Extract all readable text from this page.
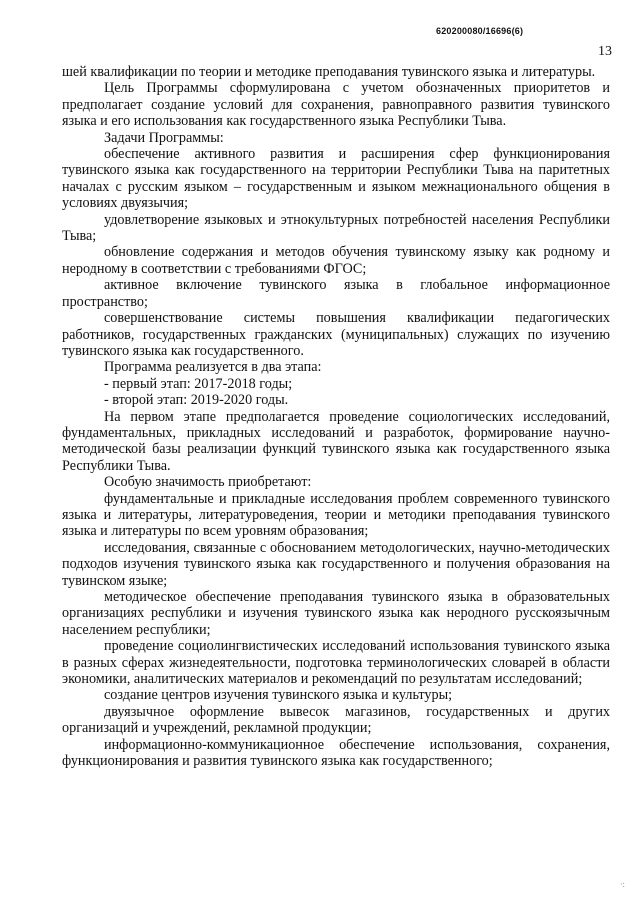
620200080/16696(6)
13

шей квалификации по теории и методике преподавания тувинского языка и литературы.

Цель Программы сформулирована с учетом обозначенных приоритетов и предполагает создание условий для сохранения, равноправного развития тувинского языка и его использования как государственного языка Республики Тыва.

Задачи Программы:

обеспечение активного развития и расширения сфер функционирования тувинского языка как государственного на территории Республики Тыва на паритетных началах с русским языком – государственным и языком межнационального общения в условиях двуязычия;

удовлетворение языковых и этнокультурных потребностей населения Республики Тыва;

обновление содержания и методов обучения тувинскому языку как родному и неродному в соответствии с требованиями ФГОС;

активное включение тувинского языка в глобальное информационное пространство;

совершенствование системы повышения квалификации педагогических работников, государственных гражданских (муниципальных) служащих по изучению тувинского языка как государственного.

Программа реализуется в два этапа:

- первый этап: 2017-2018 годы;

- второй этап: 2019-2020 годы.

На первом этапе предполагается проведение социологических исследований, фундаментальных, прикладных исследований и разработок, формирование научно-методической базы реализации функций тувинского языка как государственного языка Республики Тыва.

Особую значимость приобретают:

фундаментальные и прикладные исследования проблем современного тувинского языка и литературы, литературоведения, теории и методики преподавания тувинского языка и литературы по всем уровням образования;

исследования, связанные с обоснованием методологических, научно-методических подходов изучения тувинского языка как государственного и получения образования на тувинском языке;

методическое обеспечение преподавания тувинского языка в образовательных организациях республики и изучения тувинского языка как неродного русскоязычным населением республики;

проведение социолингвистических исследований использования тувинского языка в разных сферах жизнедеятельности, подготовка терминологических словарей в области экономики, аналитических материалов и рекомендаций по результатам исследований;

создание центров изучения тувинского языка и культуры;

двуязычное оформление вывесок магазинов, государственных и других организаций и учреждений, рекламной продукции;

информационно-коммуникационное обеспечение использования, сохранения, функционирования и развития тувинского языка как государственного;

·:
